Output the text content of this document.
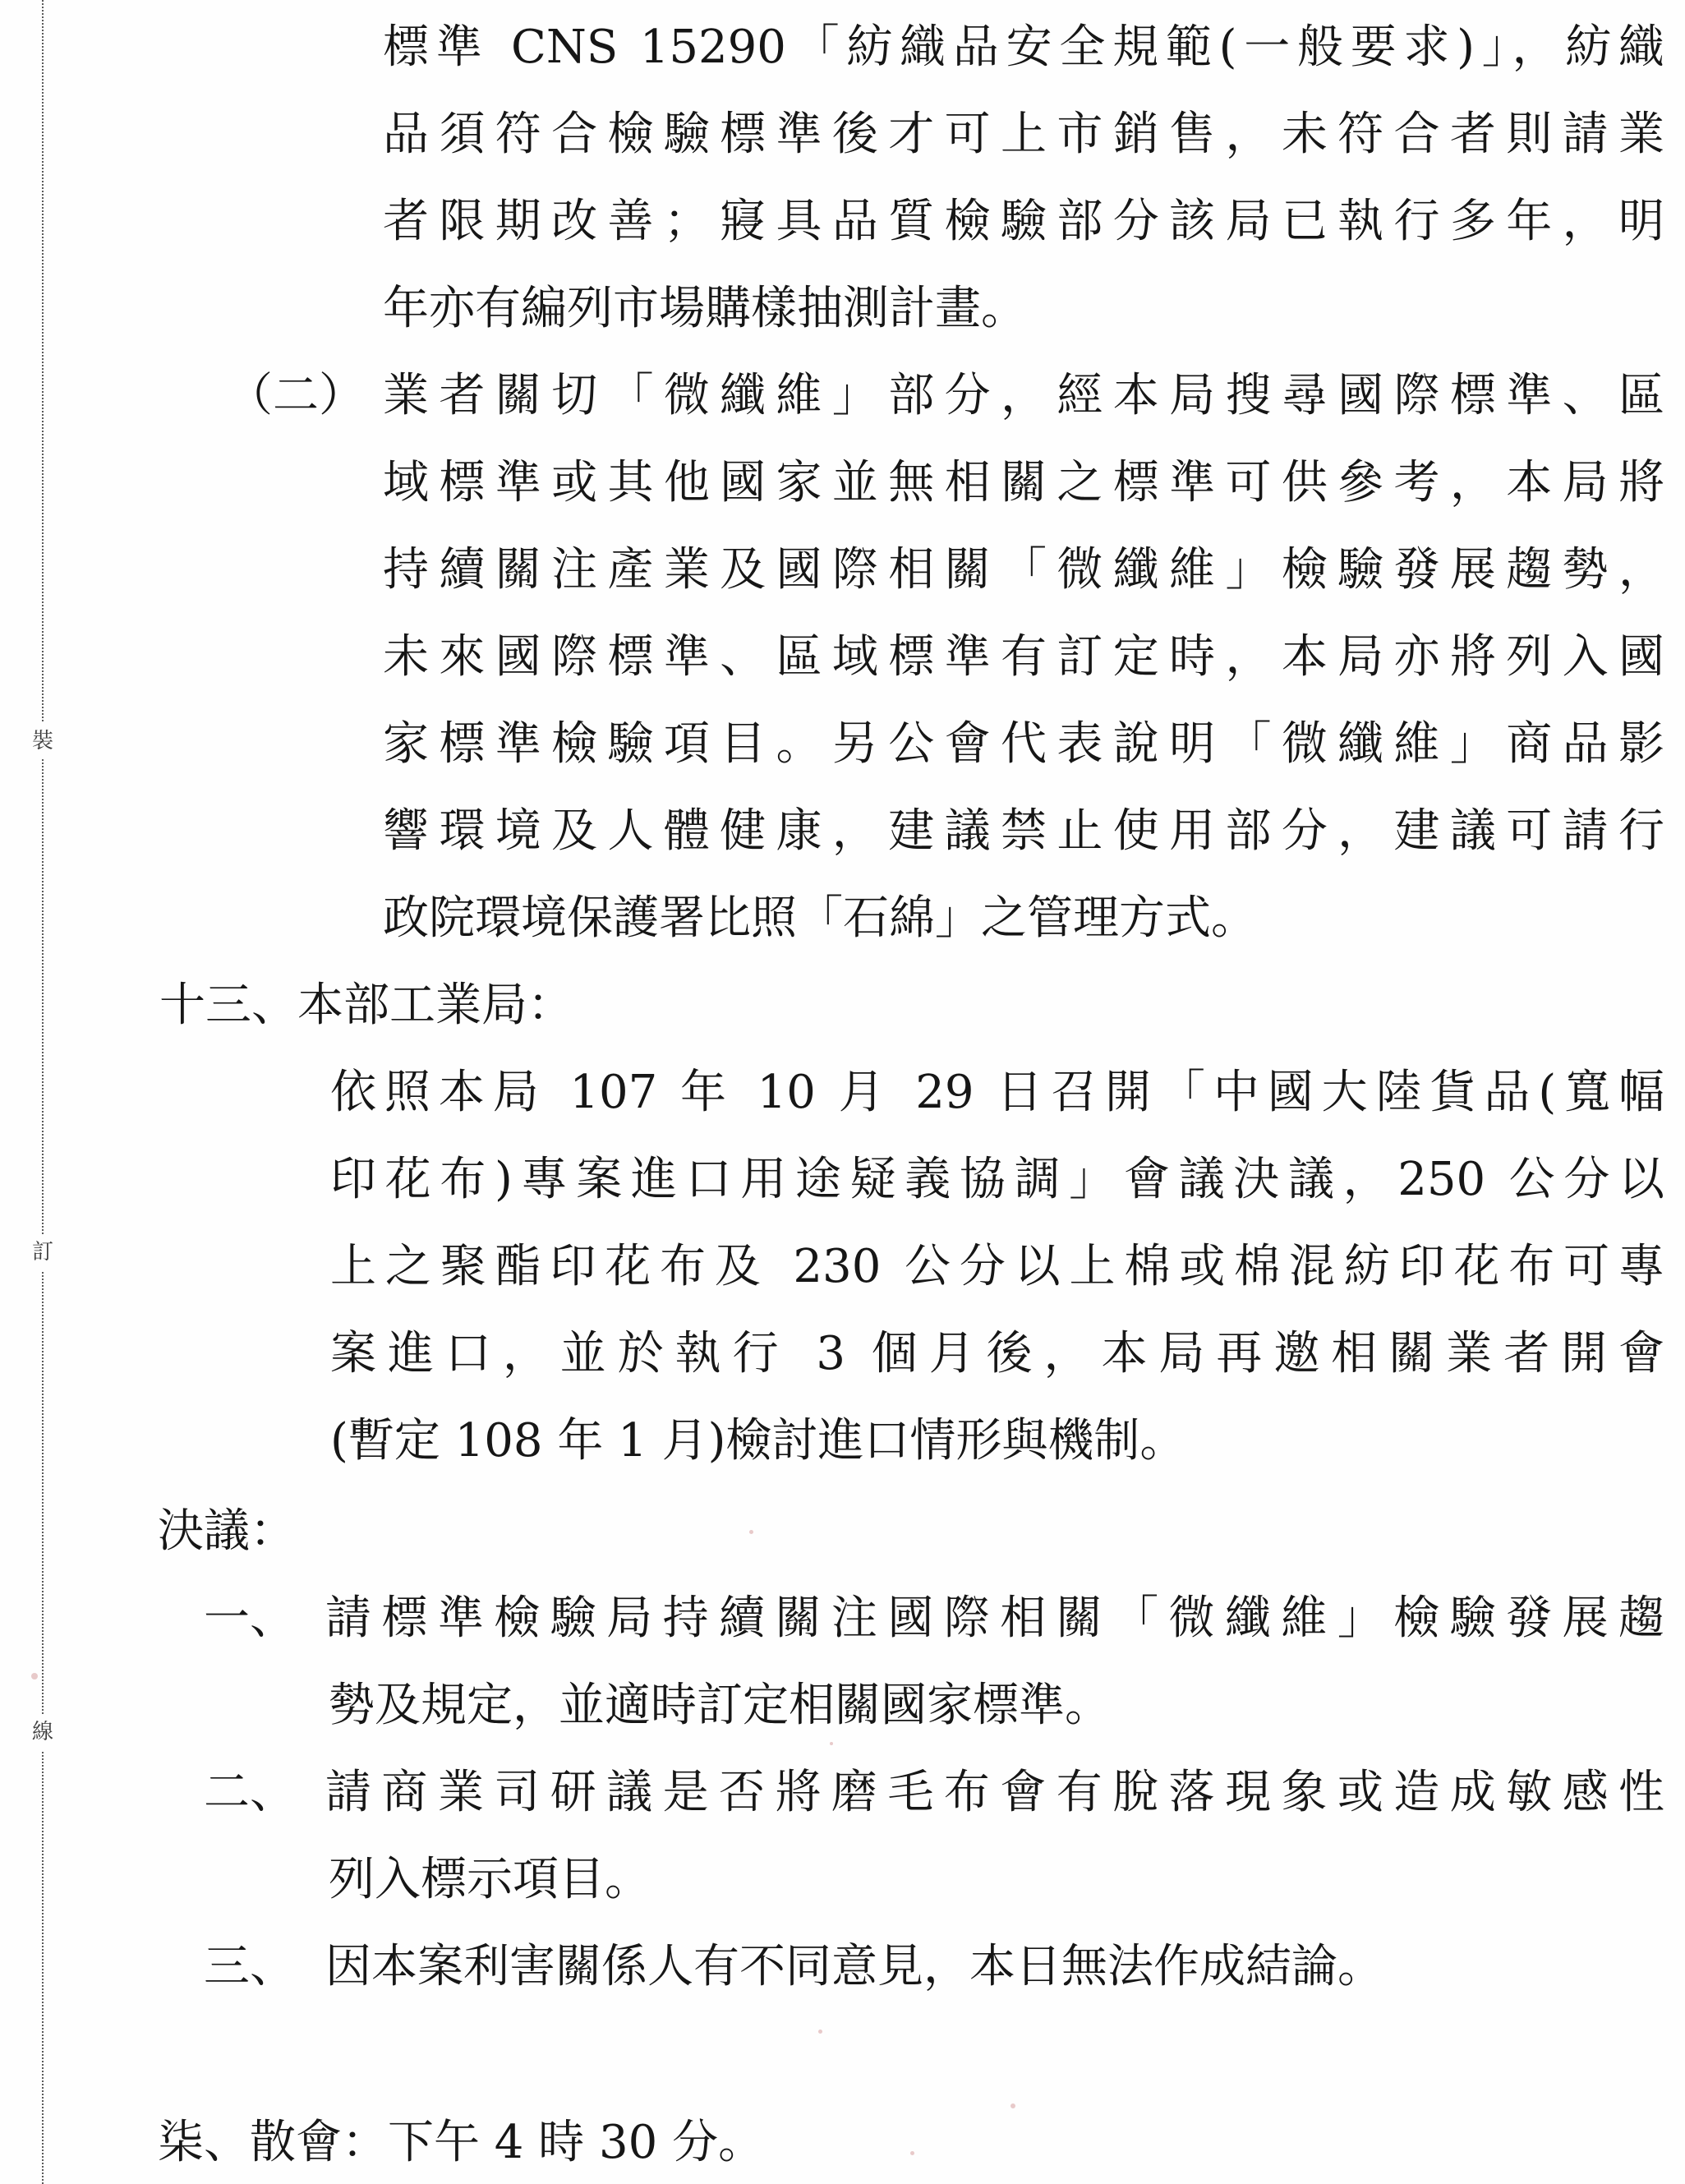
裝
訂
線
標準 CNS 15290「紡織品安全規範(一般要求)」，紡織
品須符合檢驗標準後才可上市銷售，未符合者則請業
者限期改善；寢具品質檢驗部分該局已執行多年，明
年亦有編列市場購樣抽測計畫。
（二） 業者關切「微纖維」部分，經本局搜尋國際標準、區
域標準或其他國家並無相關之標準可供參考，本局將
持續關注產業及國際相關「微纖維」檢驗發展趨勢，
未來國際標準、區域標準有訂定時，本局亦將列入國
家標準檢驗項目。另公會代表說明「微纖維」商品影
響環境及人體健康，建議禁止使用部分，建議可請行
政院環境保護署比照「石綿」之管理方式。
十三、本部工業局：
依照本局 107 年 10 月 29 日召開「中國大陸貨品(寬幅
印花布)專案進口用途疑義協調」會議決議，250 公分以
上之聚酯印花布及 230 公分以上棉或棉混紡印花布可專
案進口，並於執行 3 個月後，本局再邀相關業者開會
(暫定 108 年 1 月)檢討進口情形與機制。
決議：
一、 請標準檢驗局持續關注國際相關「微纖維」檢驗發展趨
勢及規定，並適時訂定相關國家標準。
二、 請商業司研議是否將磨毛布會有脫落現象或造成敏感性
列入標示項目。
三、 因本案利害關係人有不同意見，本日無法作成結論。
柒、散會：下午 4 時 30 分。
